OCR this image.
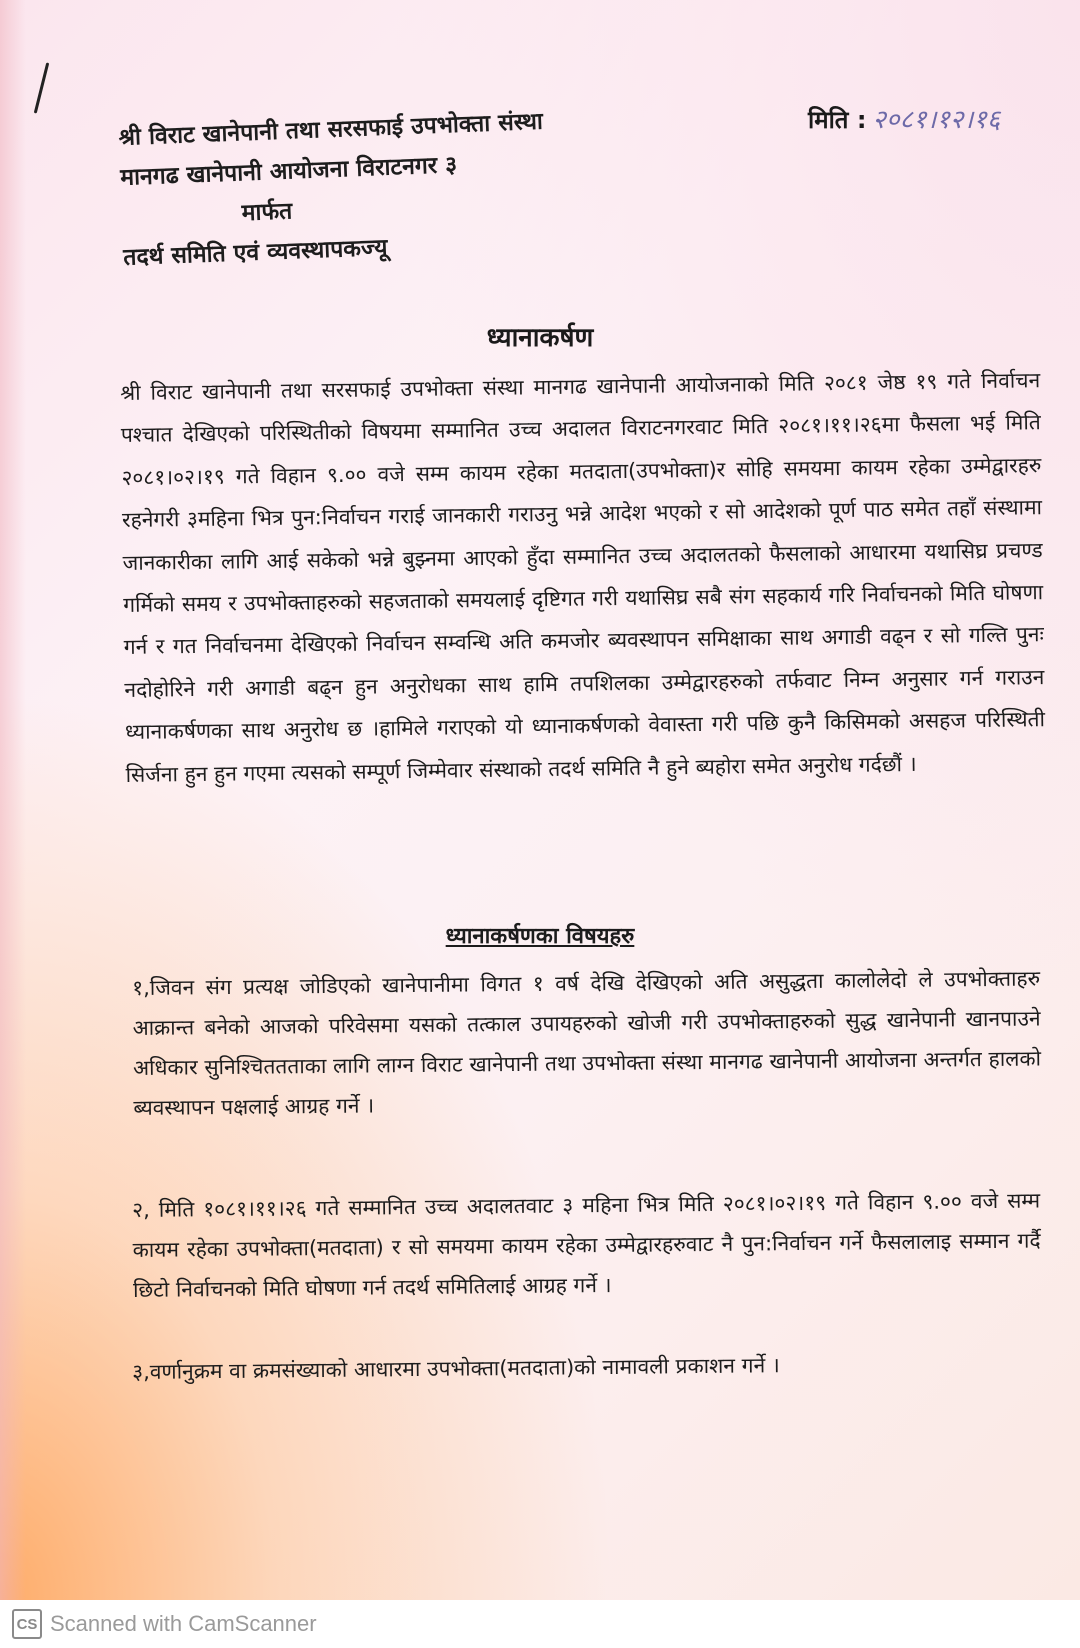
मिति : २०८१।१२।१६
श्री विराट खानेपानी तथा सरसफाई उपभोक्ता संस्था
मानगढ खानेपानी आयोजना विराटनगर ३
मार्फत
तदर्थ समिति एवं व्यवस्थापकज्यू
ध्यानाकर्षण
श्री विराट खानेपानी तथा सरसफाई उपभोक्ता संस्था मानगढ खानेपानी आयोजनाको मिति २०८१ जेष्ठ १९ गते निर्वाचन पश्चात देखिएको परिस्थितीको विषयमा सम्मानित उच्च अदालत विराटनगरवाट मिति २०८१।११।२६मा फैसला भई मिति २०८१।०२।१९ गते विहान ९.०० वजे सम्म कायम रहेका मतदाता(उपभोक्ता)र सोहि समयमा कायम रहेका उम्मेद्वारहरु रहनेगरी ३महिना भित्र पुन:निर्वाचन गराई जानकारी गराउनु भन्ने आदेश भएको र सो आदेशको पूर्ण पाठ समेत तहाँ संस्थामा जानकारीका लागि आई सकेको भन्ने बुझ्नमा आएको हुँदा सम्मानित उच्च अदालतको फैसलाको आधारमा यथासिघ्र प्रचण्ड गर्मिको समय र उपभोक्ताहरुको सहजताको समयलाई दृष्टिगत गरी यथासिघ्र सबै संग सहकार्य गरि निर्वाचनको मिति घोषणा गर्न र गत निर्वाचनमा देखिएको निर्वाचन सम्वन्धि अति कमजोर ब्यवस्थापन समिक्षाका साथ अगाडी वढ्न र सो गल्ति पुनः नदोहोरिने गरी अगाडी बढ्न हुन अनुरोधका साथ हामि तपशिलका उम्मेद्वारहरुको तर्फवाट निम्न अनुसार गर्न गराउन ध्यानाकर्षणका साथ अनुरोध छ ।हामिले गराएको यो ध्यानाकर्षणको वेवास्ता गरी पछि कुनै किसिमको असहज परिस्थिती सिर्जना हुन हुन गएमा त्यसको सम्पूर्ण जिम्मेवार संस्थाको तदर्थ समिति नै हुने ब्यहोरा समेत अनुरोध गर्दछौं ।
ध्यानाकर्षणका विषयहरु
१,जिवन संग प्रत्यक्ष जोडिएको खानेपानीमा विगत १ वर्ष देखि देखिएको अति असुद्धता कालोलेदो ले उपभोक्ताहरु आक्रान्त बनेको आजको परिवेसमा यसको तत्काल उपायहरुको खोजी गरी उपभोक्ताहरुको सुद्ध खानेपानी खानपाउने अधिकार सुनिश्चिततताका लागि लाग्न विराट खानेपानी तथा उपभोक्ता संस्था मानगढ खानेपानी आयोजना अन्तर्गत हालको ब्यवस्थापन पक्षलाई आग्रह गर्ने ।
२, मिति १०८१।११।२६ गते सम्मानित उच्च अदालतवाट ३ महिना भित्र मिति २०८१।०२।१९ गते विहान ९.०० वजे सम्म कायम रहेका उपभोक्ता(मतदाता) र सो समयमा कायम रहेका उम्मेद्वारहरुवाट नै पुन:निर्वाचन गर्ने फैसलालाइ सम्मान गर्दै छिटो निर्वाचनको मिति घोषणा गर्न तदर्थ समितिलाई आग्रह गर्ने ।
३,वर्णानुक्रम वा क्रमसंख्याको आधारमा उपभोक्ता(मतदाता)को नामावली प्रकाशन गर्ने ।
CS Scanned with CamScanner
